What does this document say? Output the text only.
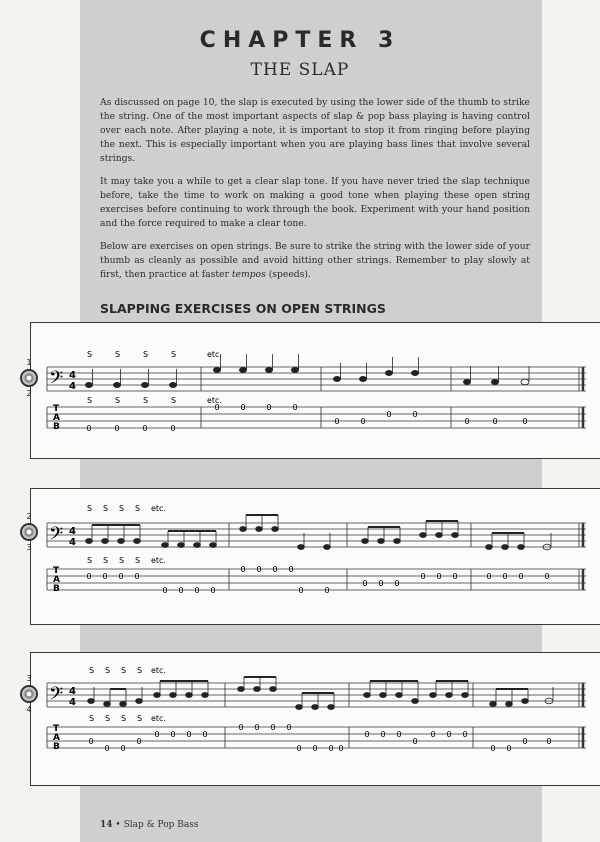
CHAPTER 3
THE SLAP

As discussed on page 10, the slap is executed by using the lower side of the thumb to strike the string. One of the most important aspects of slap & pop bass playing is having control over each note. After playing a note, it is important to stop it from ringing before playing the next. This is especially important when you are playing bass lines that involve several strings.

It may take you a while to get a clear slap tone. If you have never tried the slap technique before, take the time to work on making a good tone when playing these open string exercises before continuing to work through the book. Experiment with your hand position and the force required to make a clear tone.

Below are exercises on open strings. Be sure to strike the string with the lower side of your thumb as cleanly as possible and avoid hitting other strings. Remember to play slowly at first, then practice at faster tempos (speeds).

SLAPPING EXERCISES ON OPEN STRINGS
𝄢 4
4
S	S	S	S	etc.
S	S	S	S	etc.
T
A
B	0	0	0	0
0	0	0	0
0	0
0	0
0	0	0
1
2
𝄢 4
4
S S S S etc.
S S S S etc.
T
A
B
0 0 0 0
0 0 0 0
0 0 0 0
0	0
0 0 0
0 0 0	0 0 0	0
2
3
𝄢 4
4
S S S S etc.
S S S S etc.
T
A
B
0
0 0
0
0 0 0 0
0 0 0 0
0 0 0 0
0 0 0
0
0 0 0
0 0
0 0
3
4
14 • Slap & Pop Bass
